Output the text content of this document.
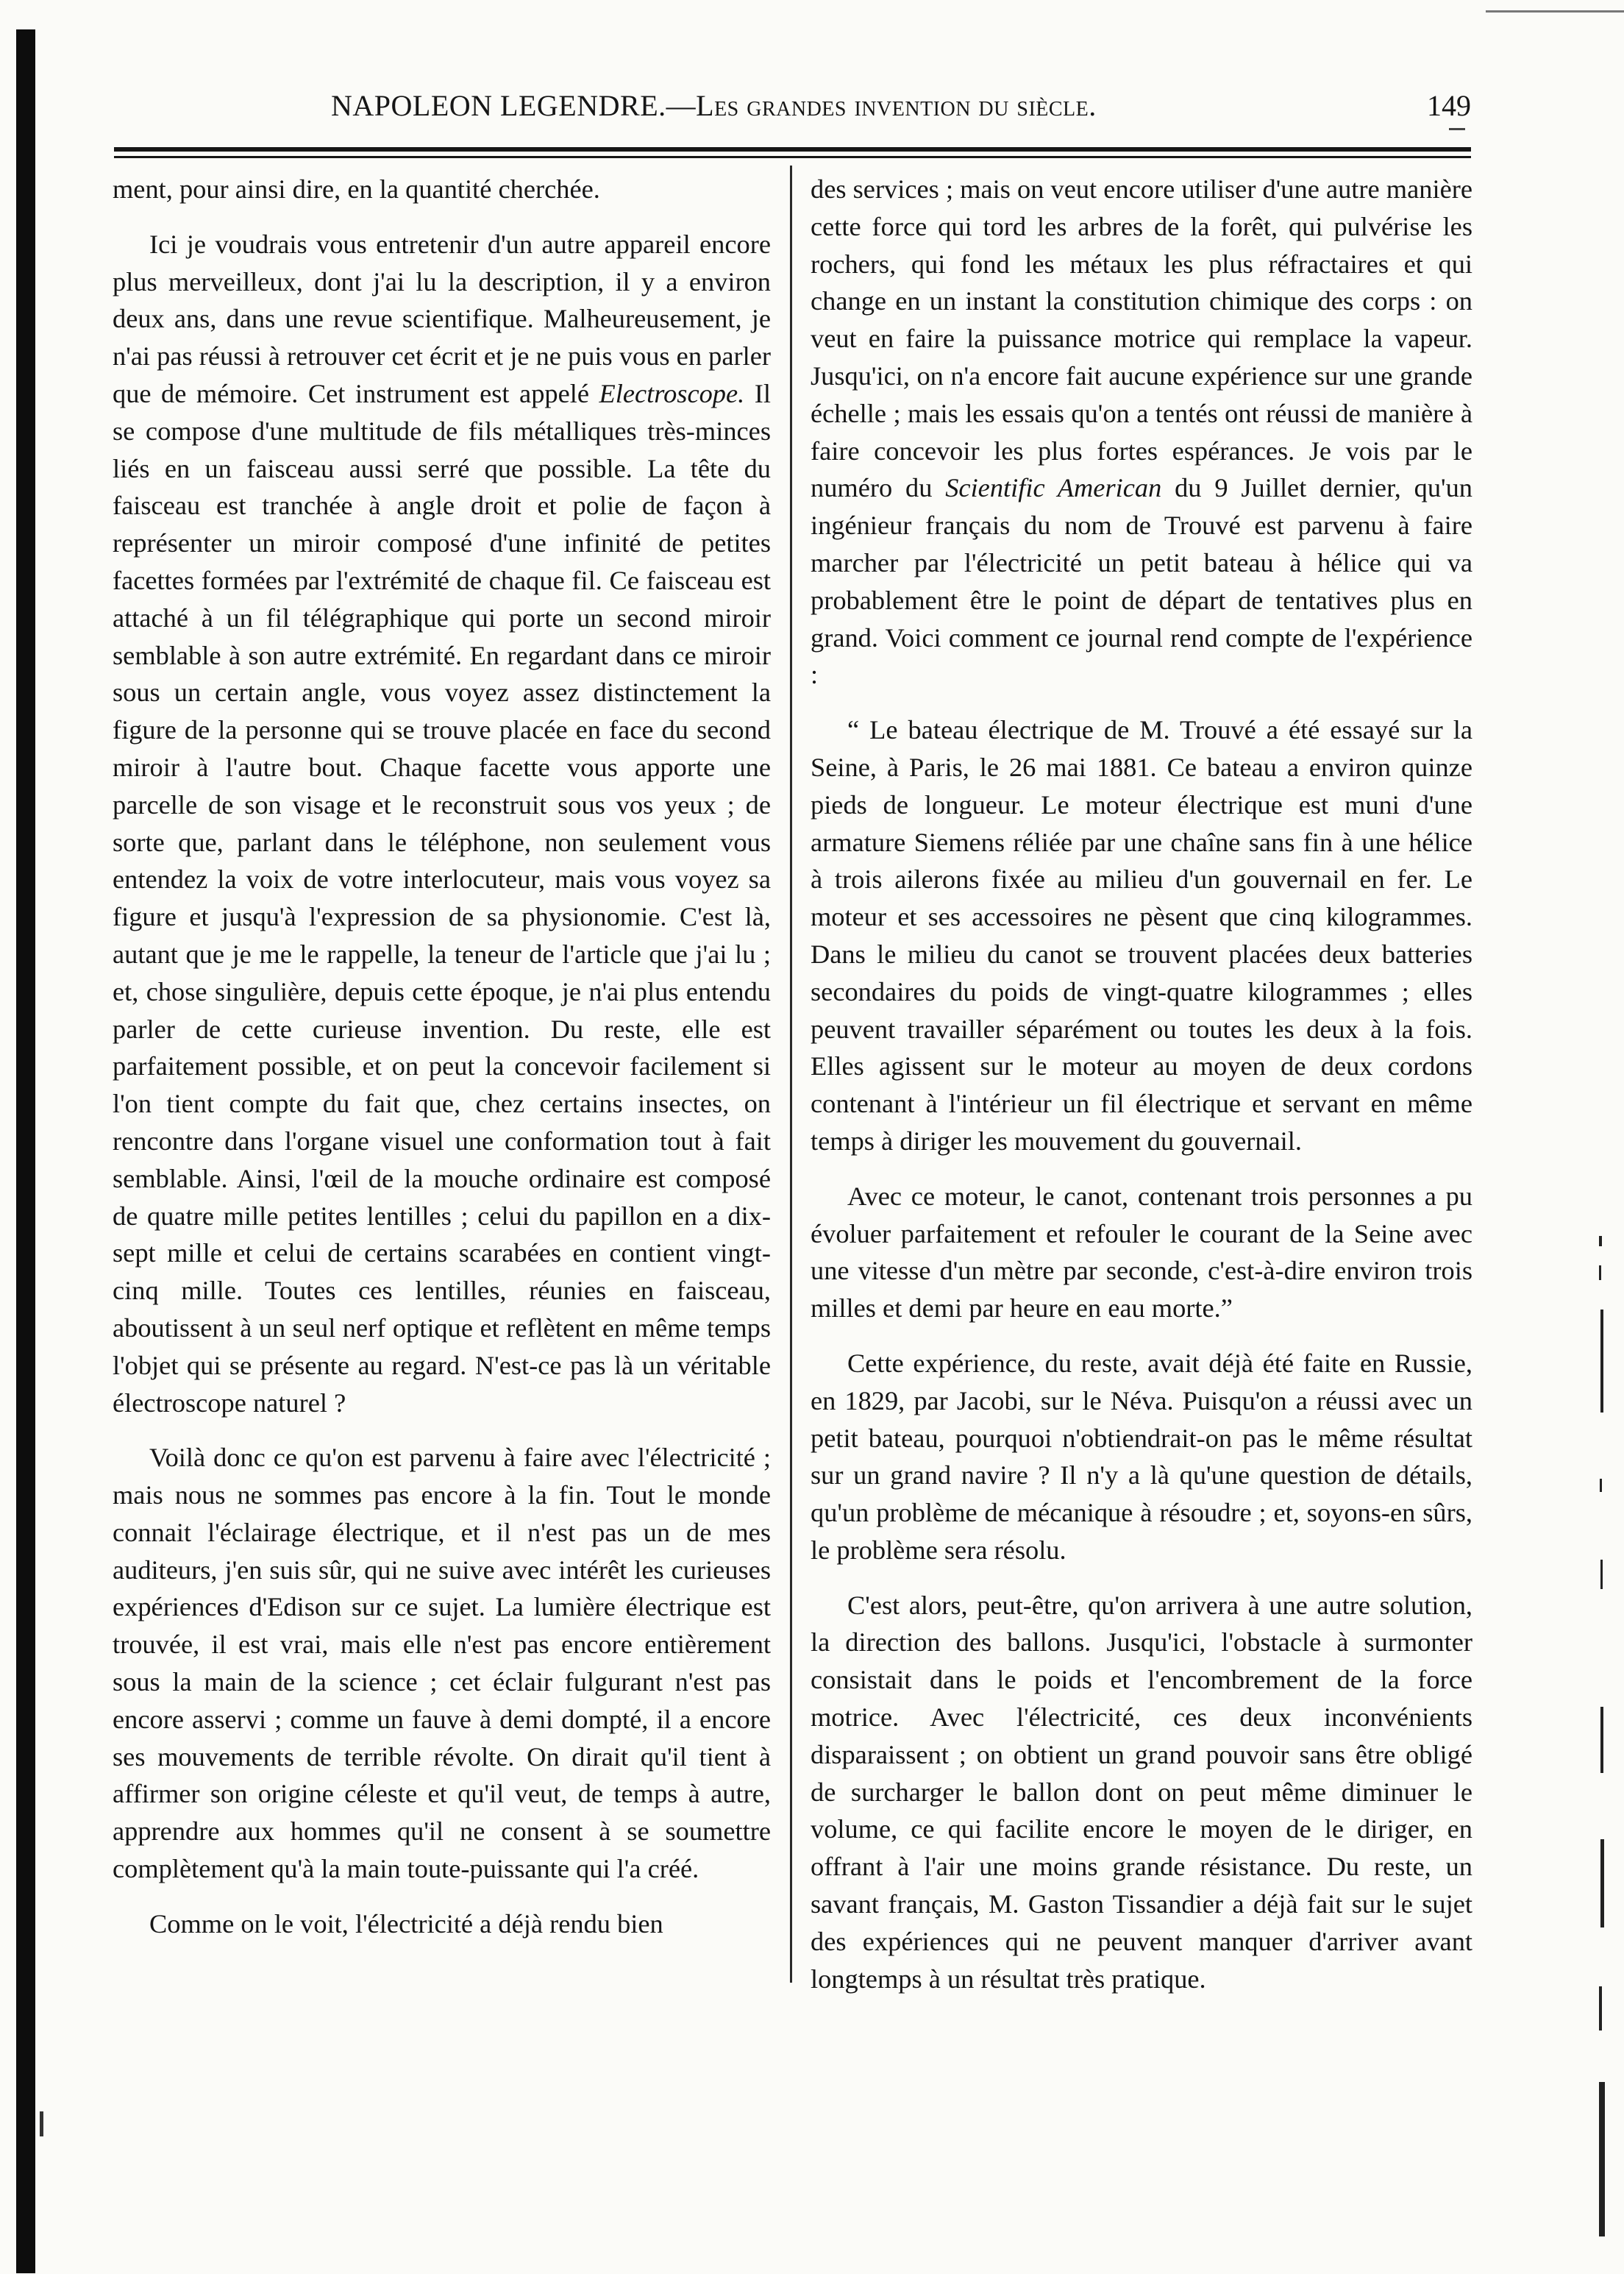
NAPOLEON LEGENDRE.—Les grandes invention du siècle.	149

ment, pour ainsi dire, en la quantité cherchée.

Ici je voudrais vous entretenir d'un autre appareil encore plus merveilleux, dont j'ai lu la description, il y a environ deux ans, dans une revue scientifique. Malheureusement, je n'ai pas réussi à retrouver cet écrit et je ne puis vous en parler que de mémoire. Cet instrument est appelé Electroscope. Il se compose d'une multitude de fils métalliques très-minces liés en un faisceau aussi serré que possible. La tête du faisceau est tranchée à angle droit et polie de façon à représenter un miroir composé d'une infinité de petites facettes formées par l'extrémité de chaque fil. Ce faisceau est attaché à un fil télégraphique qui porte un second miroir semblable à son autre extrémité. En regardant dans ce miroir sous un certain angle, vous voyez assez distinctement la figure de la personne qui se trouve placée en face du second miroir à l'autre bout. Chaque facette vous apporte une parcelle de son visage et le reconstruit sous vos yeux ; de sorte que, parlant dans le téléphone, non seulement vous entendez la voix de votre interlocuteur, mais vous voyez sa figure et jusqu'à l'expression de sa physionomie. C'est là, autant que je me le rappelle, la teneur de l'article que j'ai lu ; et, chose singulière, depuis cette époque, je n'ai plus entendu parler de cette curieuse invention. Du reste, elle est parfaitement possible, et on peut la concevoir facilement si l'on tient compte du fait que, chez certains insectes, on rencontre dans l'organe visuel une conformation tout à fait semblable. Ainsi, l'œil de la mouche ordinaire est composé de quatre mille petites lentilles ; celui du papillon en a dix-sept mille et celui de certains scarabées en contient vingt-cinq mille. Toutes ces lentilles, réunies en faisceau, aboutissent à un seul nerf optique et reflètent en même temps l'objet qui se présente au regard. N'est-ce pas là un véritable électroscope naturel ?

Voilà donc ce qu'on est parvenu à faire avec l'électricité ; mais nous ne sommes pas encore à la fin. Tout le monde connait l'éclairage électrique, et il n'est pas un de mes auditeurs, j'en suis sûr, qui ne suive avec intérêt les curieuses expériences d'Edison sur ce sujet. La lumière électrique est trouvée, il est vrai, mais elle n'est pas encore entièrement sous la main de la science ; cet éclair fulgurant n'est pas encore asservi ; comme un fauve à demi dompté, il a encore ses mouvements de terrible révolte. On dirait qu'il tient à affirmer son origine céleste et qu'il veut, de temps à autre, apprendre aux hommes qu'il ne consent à se soumettre complètement qu'à la main toute-puissante qui l'a créé.

Comme on le voit, l'électricité a déjà rendu bien

des services ; mais on veut encore utiliser d'une autre manière cette force qui tord les arbres de la forêt, qui pulvérise les rochers, qui fond les métaux les plus réfractaires et qui change en un instant la constitution chimique des corps : on veut en faire la puissance motrice qui remplace la vapeur. Jusqu'ici, on n'a encore fait aucune expérience sur une grande échelle ; mais les essais qu'on a tentés ont réussi de manière à faire concevoir les plus fortes espérances. Je vois par le numéro du Scientific American du 9 Juillet dernier, qu'un ingénieur français du nom de Trouvé est parvenu à faire marcher par l'électricité un petit bateau à hélice qui va probablement être le point de départ de tentatives plus en grand. Voici comment ce journal rend compte de l'expérience :

“ Le bateau électrique de M. Trouvé a été essayé sur la Seine, à Paris, le 26 mai 1881. Ce bateau a environ quinze pieds de longueur. Le moteur électrique est muni d'une armature Siemens réliée par une chaîne sans fin à une hélice à trois ailerons fixée au milieu d'un gouvernail en fer. Le moteur et ses accessoires ne pèsent que cinq kilogrammes. Dans le milieu du canot se trouvent placées deux batteries secondaires du poids de vingt-quatre kilogrammes ; elles peuvent travailler séparément ou toutes les deux à la fois. Elles agissent sur le moteur au moyen de deux cordons contenant à l'intérieur un fil électrique et servant en même temps à diriger les mouvement du gouvernail.

Avec ce moteur, le canot, contenant trois personnes a pu évoluer parfaitement et refouler le courant de la Seine avec une vitesse d'un mètre par seconde, c'est-à-dire environ trois milles et demi par heure en eau morte.”

Cette expérience, du reste, avait déjà été faite en Russie, en 1829, par Jacobi, sur le Néva. Puisqu'on a réussi avec un petit bateau, pourquoi n'obtiendrait-on pas le même résultat sur un grand navire ? Il n'y a là qu'une question de détails, qu'un problème de mécanique à résoudre ; et, soyons-en sûrs, le problème sera résolu.

C'est alors, peut-être, qu'on arrivera à une autre solution, la direction des ballons. Jusqu'ici, l'obstacle à surmonter consistait dans le poids et l'encombrement de la force motrice. Avec l'électricité, ces deux inconvénients disparaissent ; on obtient un grand pouvoir sans être obligé de surcharger le ballon dont on peut même diminuer le volume, ce qui facilite encore le moyen de le diriger, en offrant à l'air une moins grande résistance. Du reste, un savant français, M. Gaston Tissandier a déjà fait sur le sujet des expériences qui ne peuvent manquer d'arriver avant longtemps à un résultat très pratique.
